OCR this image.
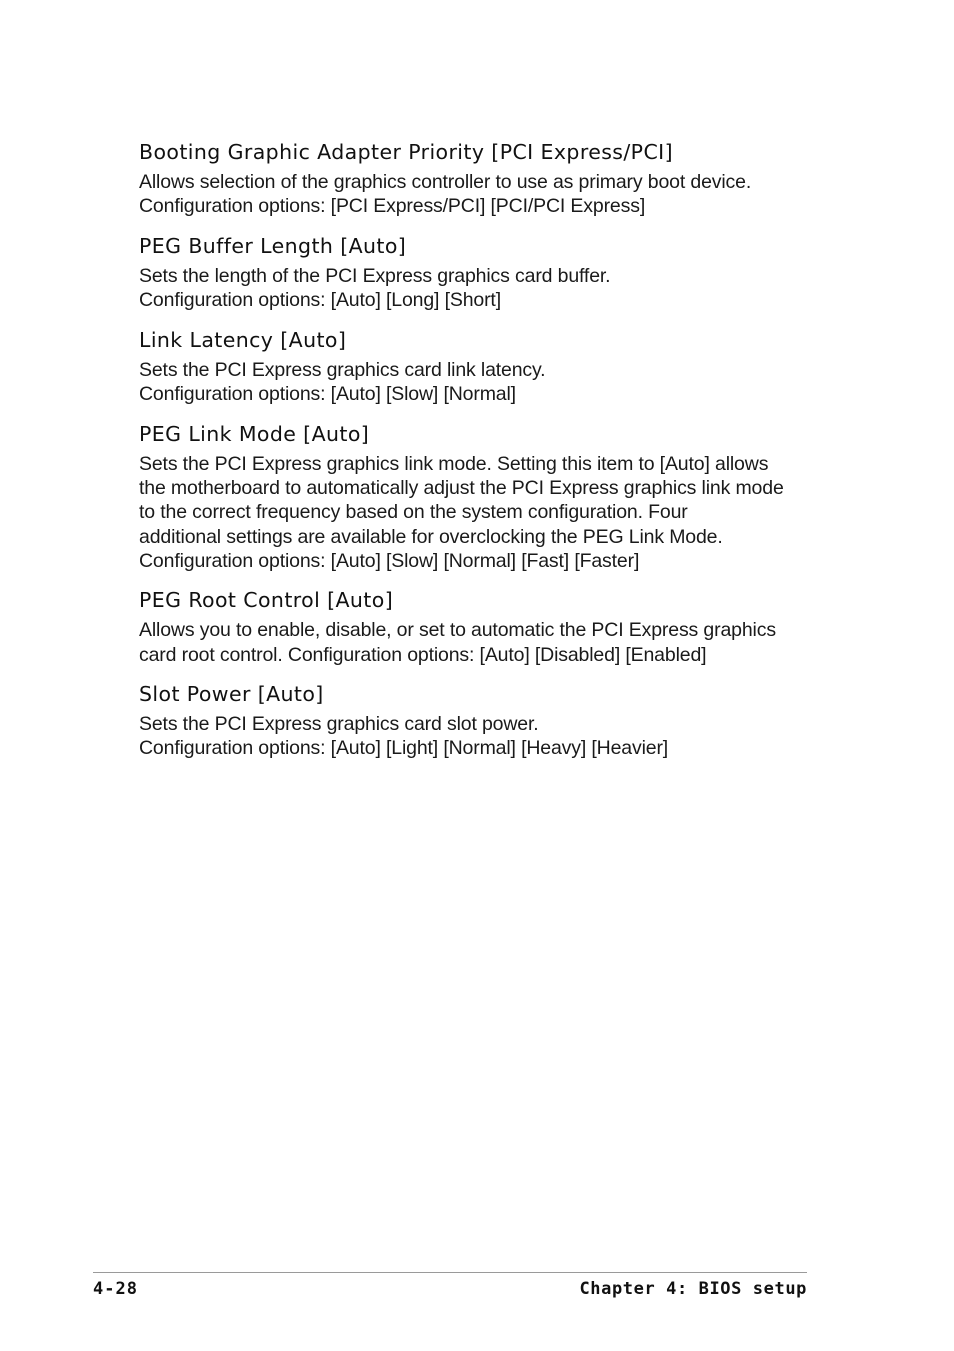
Booting Graphic Adapter Priority [PCI Express/PCI]

Allows selection of the graphics controller to use as primary boot device.
Configuration options: [PCI Express/PCI] [PCI/PCI Express]

PEG Buffer Length [Auto]

Sets the length of the PCI Express graphics card buffer.
Configuration options: [Auto] [Long] [Short]

Link Latency [Auto]

Sets the PCI Express graphics card link latency.
Configuration options: [Auto] [Slow] [Normal]

PEG Link Mode [Auto]

Sets the PCI Express graphics link mode. Setting this item to [Auto] allows
the motherboard to automatically adjust the PCI Express graphics link mode
to the correct frequency based on the system configuration. Four
additional settings are available for overclocking the PEG Link Mode.
Configuration options: [Auto] [Slow] [Normal] [Fast] [Faster]

PEG Root Control [Auto]

Allows you to enable, disable, or set to automatic the PCI Express graphics
card root control. Configuration options: [Auto] [Disabled] [Enabled]

Slot Power [Auto]

Sets the PCI Express graphics card slot power.
Configuration options: [Auto] [Light] [Normal] [Heavy] [Heavier]

4-28	Chapter 4: BIOS setup
